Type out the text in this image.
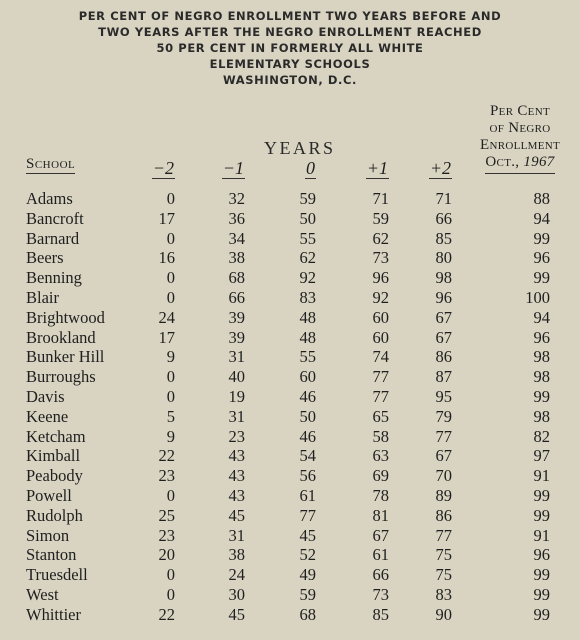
PER CENT OF NEGRO ENROLLMENT TWO YEARS BEFORE AND
TWO YEARS AFTER THE NEGRO ENROLLMENT REACHED
50 PER CENT IN FORMERLY ALL WHITE
ELEMENTARY SCHOOLS
WASHINGTON, D.C.
YEARS
School	−2	−1	0	+1	+2
Per Cent
of Negro
Enrollment
Oct., 1967
Adams	0	32	59	71	71	88
Bancroft	17	36	50	59	66	94
Barnard	0	34	55	62	85	99
Beers	16	38	62	73	80	96
Benning	0	68	92	96	98	99
Blair	0	66	83	92	96	100
Brightwood	24	39	48	60	67	94
Brookland	17	39	48	60	67	96
Bunker Hill	9	31	55	74	86	98
Burroughs	0	40	60	77	87	98
Davis	0	19	46	77	95	99
Keene	5	31	50	65	79	98
Ketcham	9	23	46	58	77	82
Kimball	22	43	54	63	67	97
Peabody	23	43	56	69	70	91
Powell	0	43	61	78	89	99
Rudolph	25	45	77	81	86	99
Simon	23	31	45	67	77	91
Stanton	20	38	52	61	75	96
Truesdell	0	24	49	66	75	99
West	0	30	59	73	83	99
Whittier	22	45	68	85	90	99
